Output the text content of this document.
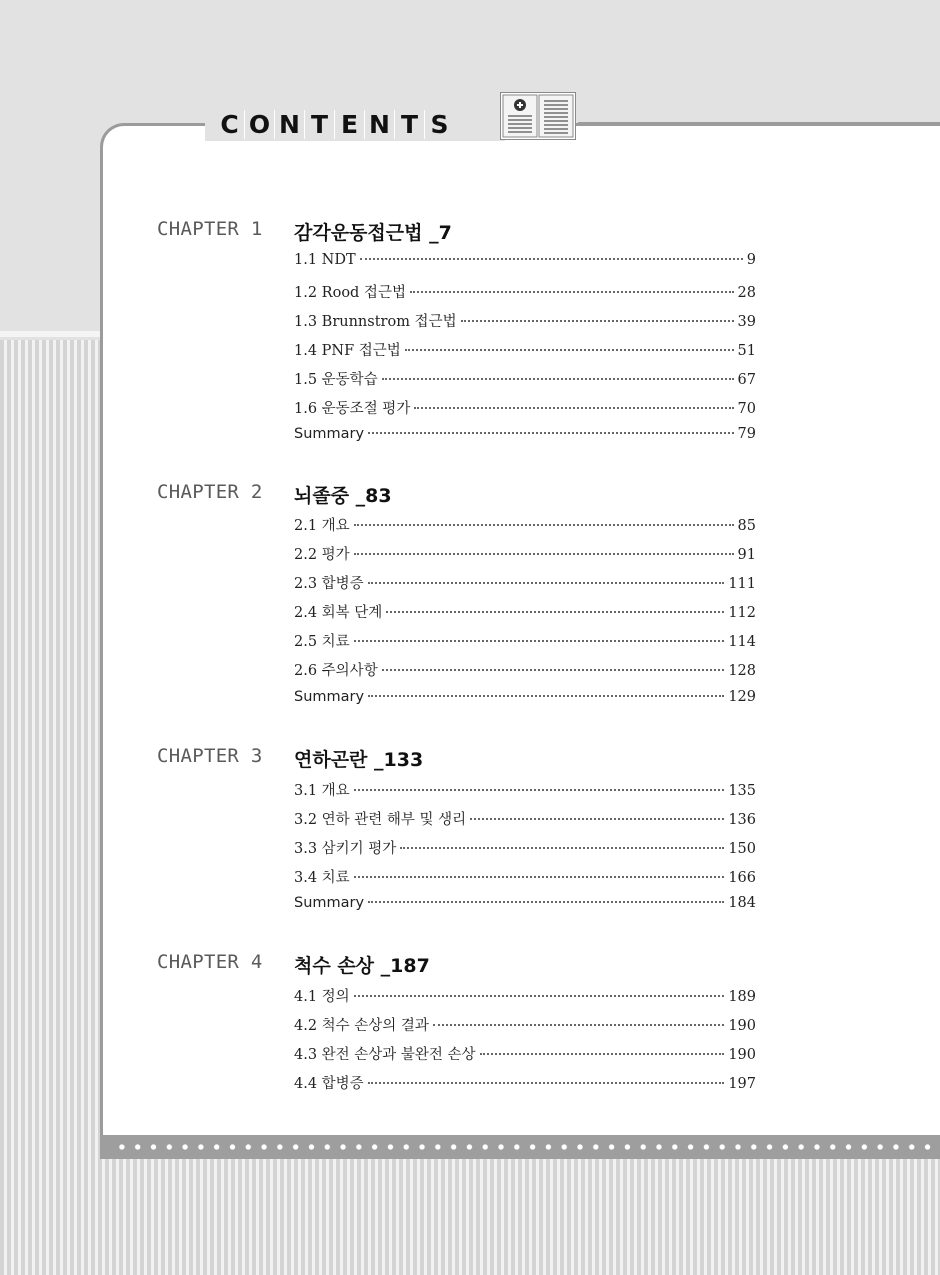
C O N T E N T S
CHAPTER 1 감각운동접근법 _7
1.1 NDT	9
1.2 Rood 접근법	28
1.3 Brunnstrom 접근법	39
1.4 PNF 접근법	51
1.5 운동학습	67
1.6 운동조절 평가	70
Summary	79
CHAPTER 2 뇌졸중 _83
2.1 개요	85
2.2 평가	91
2.3 합병증	111
2.4 회복 단계	112
2.5 치료	114
2.6 주의사항	128
Summary	129
CHAPTER 3 연하곤란 _133
3.1 개요	135
3.2 연하 관련 해부 및 생리	136
3.3 삼키기 평가	150
3.4 치료	166
Summary	184
CHAPTER 4 척수 손상 _187
4.1 정의	189
4.2 척수 손상의 결과	190
4.3 완전 손상과 불완전 손상	190
4.4 합병증	197
